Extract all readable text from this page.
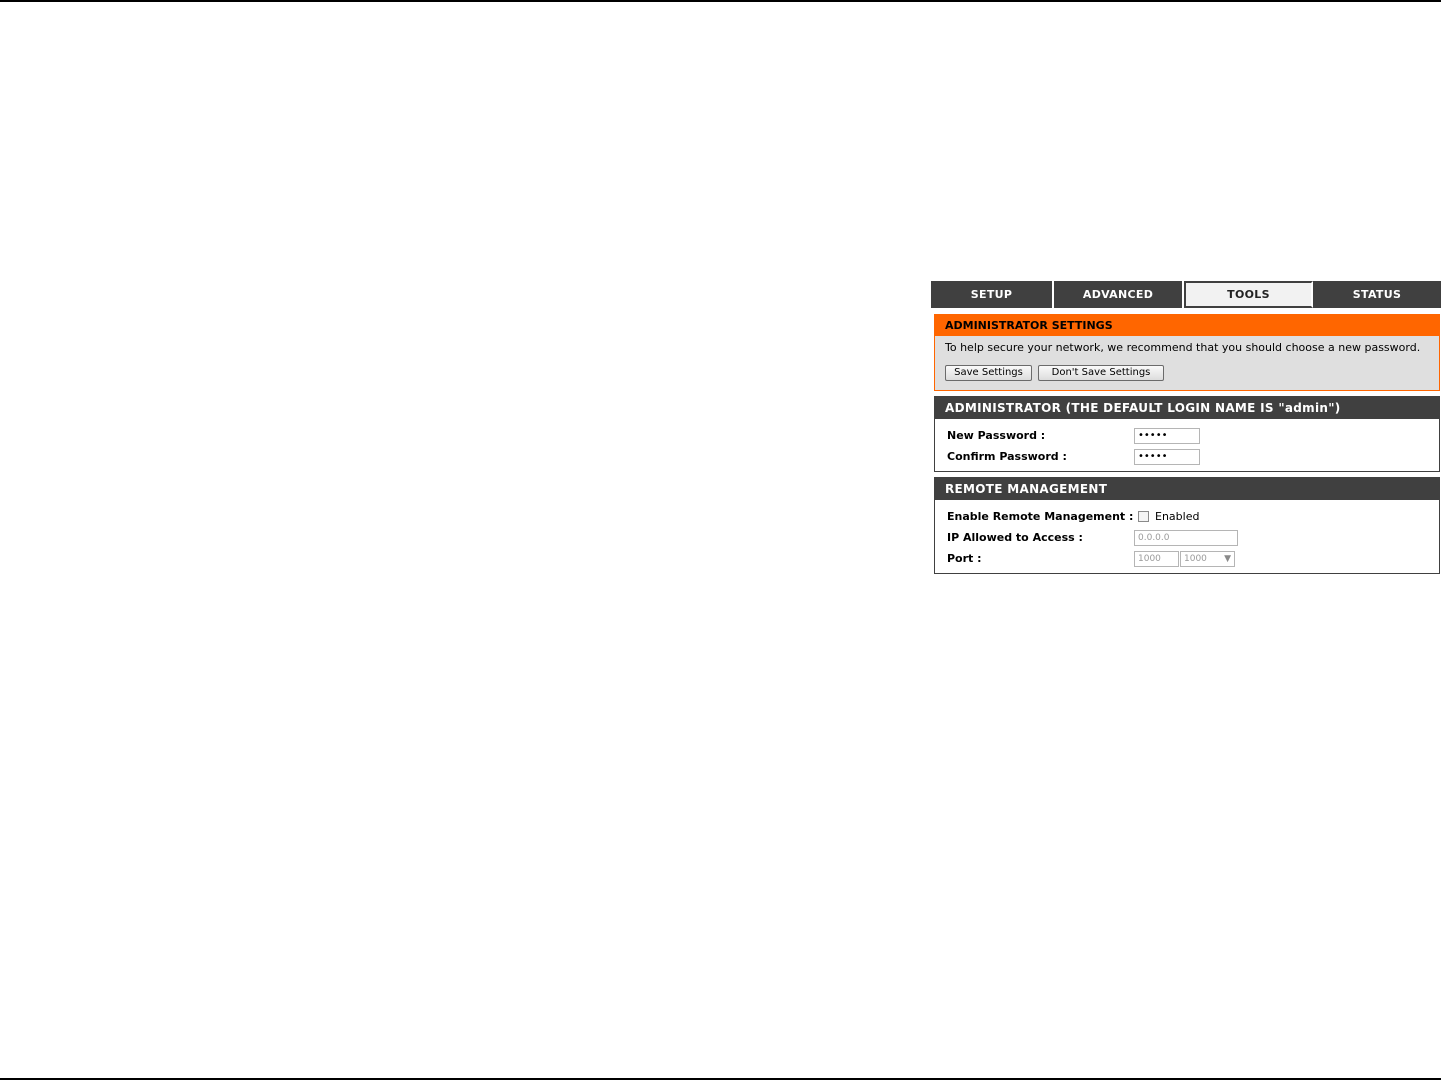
SETUP	ADVANCED	TOOLS	STATUS
ADMINISTRATOR SETTINGS
To help secure your network, we recommend that you should choose a new password.
Save Settings	Don't Save Settings
ADMINISTRATOR (THE DEFAULT LOGIN NAME IS "admin")
New Password :
•••••
Confirm Password :
•••••
REMOTE MANAGEMENT
Enable Remote Management : Enabled
IP Allowed to Access :
0.0.0.0
Port :
1000	1000 ▼
